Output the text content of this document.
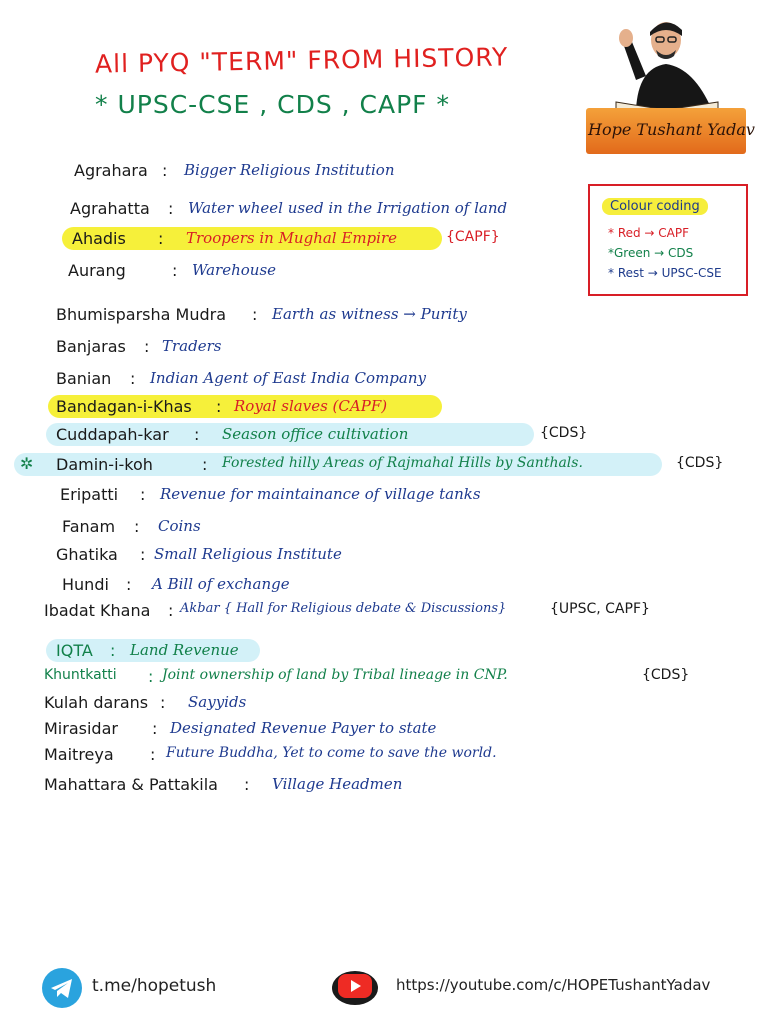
All PYQ "TERM" FROM HISTORY
* UPSC-CSE , CDS , CAPF *
Hope Tushant Yadav
Colour coding
* Red → CAPF
*Green → CDS
* Rest → UPSC-CSE
Agrahara : Bigger Religious Institution
Agrahatta : Water wheel used in the Irrigation of land
Ahadis : Troopers in Mughal Empire	{CAPF}
Aurang	: Warehouse
Bhumisparsha Mudra : Earth as witness → Purity
Banjaras : Traders
Banian : Indian Agent of East India Company
Bandagan-i-Khas : Royal slaves (CAPF)
Cuddapah-kar : Season office cultivation	{CDS}
✲ Damin-i-koh	: Forested hilly Areas of Rajmahal Hills by Santhals.	{CDS}
Eripatti : Revenue for maintainance of village tanks
Fanam : Coins
Ghatika : Small Religious Institute
Hundi : A Bill of exchange
Ibadat Khana : Akbar { Hall for Religious debate & Discussions}	{UPSC, CAPF}
IQTA : Land Revenue
Khuntkatti : Joint ownership of land by Tribal lineage in CNP.	{CDS}
Kulah darans : Sayyids
Mirasidar : Designated Revenue Payer to state
Maitreya : Future Buddha, Yet to come to save the world.
Mahattara & Pattakila : Village Headmen
t.me/hopetush	https://youtube.com/c/HOPETushantYadav
